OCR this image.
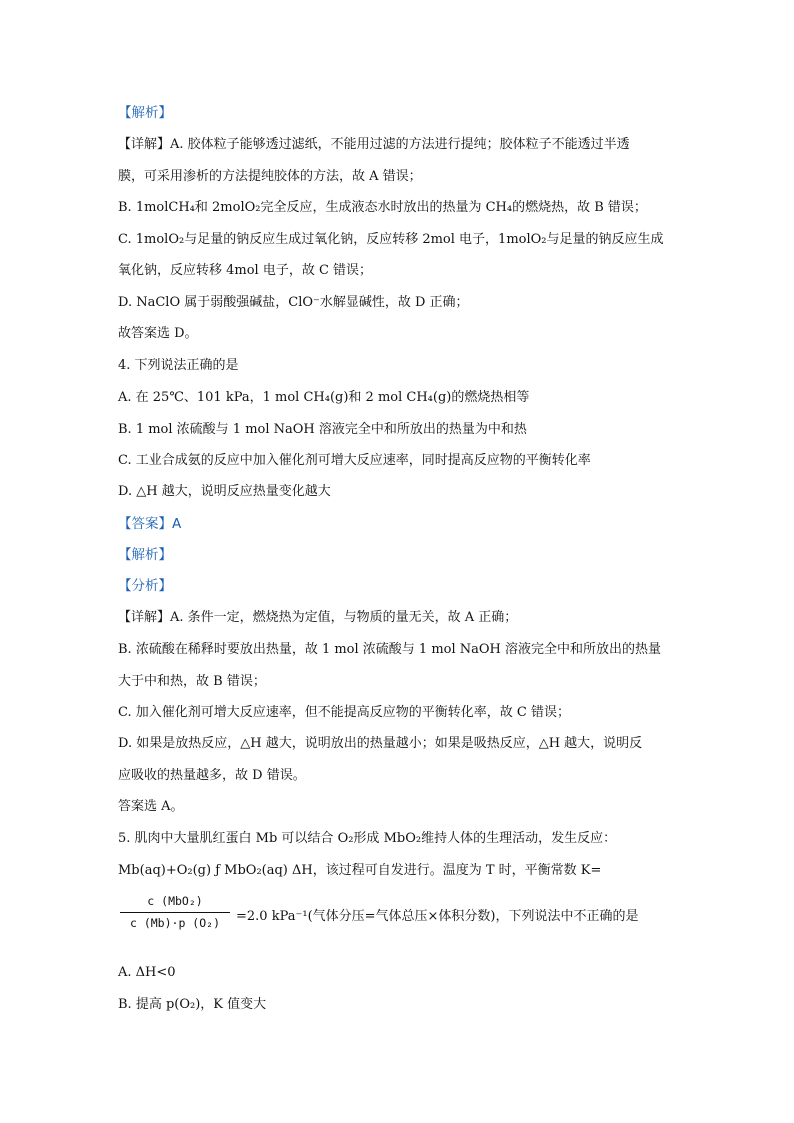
【解析】
【详解】A. 胶体粒子能够透过滤纸，不能用过滤的方法进行提纯；胶体粒子不能透过半透
膜，可采用渗析的方法提纯胶体的方法，故 A 错误；
B. 1molCH₄和 2molO₂完全反应，生成液态水时放出的热量为 CH₄的燃烧热，故 B 错误；
C. 1molO₂与足量的钠反应生成过氧化钠，反应转移 2mol 电子，1molO₂与足量的钠反应生成
氧化钠，反应转移 4mol 电子，故 C 错误；
D. NaClO 属于弱酸强碱盐，ClO⁻水解显碱性，故 D 正确；
故答案选 D。
4. 下列说法正确的是
A. 在 25℃、101 kPa，1 mol CH₄(g)和 2 mol CH₄(g)的燃烧热相等
B. 1 mol 浓硫酸与 1 mol NaOH 溶液完全中和所放出的热量为中和热
C. 工业合成氨的反应中加入催化剂可增大反应速率，同时提高反应物的平衡转化率
D. △H 越大，说明反应热量变化越大
【答案】A
【解析】
【分析】
【详解】A. 条件一定，燃烧热为定值，与物质的量无关，故 A 正确；
B. 浓硫酸在稀释时要放出热量，故 1 mol 浓硫酸与 1 mol NaOH 溶液完全中和所放出的热量
大于中和热，故 B 错误；
C. 加入催化剂可增大反应速率，但不能提高反应物的平衡转化率，故 C 错误；
D. 如果是放热反应，△H 越大，说明放出的热量越小；如果是吸热反应，△H 越大，说明反
应吸收的热量越多，故 D 错误。
答案选 A。
5. 肌肉中大量肌红蛋白 Mb 可以结合 O₂形成 MbO₂维持人体的生理活动，发生反应：
Mb(aq)+O₂(g) ƒ MbO₂(aq) ΔH，该过程可自发进行。温度为 T 时，平衡常数 K=
A. ΔH<0
B. 提高 p(O₂)，K 值变大
c (MbO₂)
c (Mb)·p (O₂)	=2.0 kPa⁻¹(气体分压=气体总压×体积分数)，下列说法中不正确的是
